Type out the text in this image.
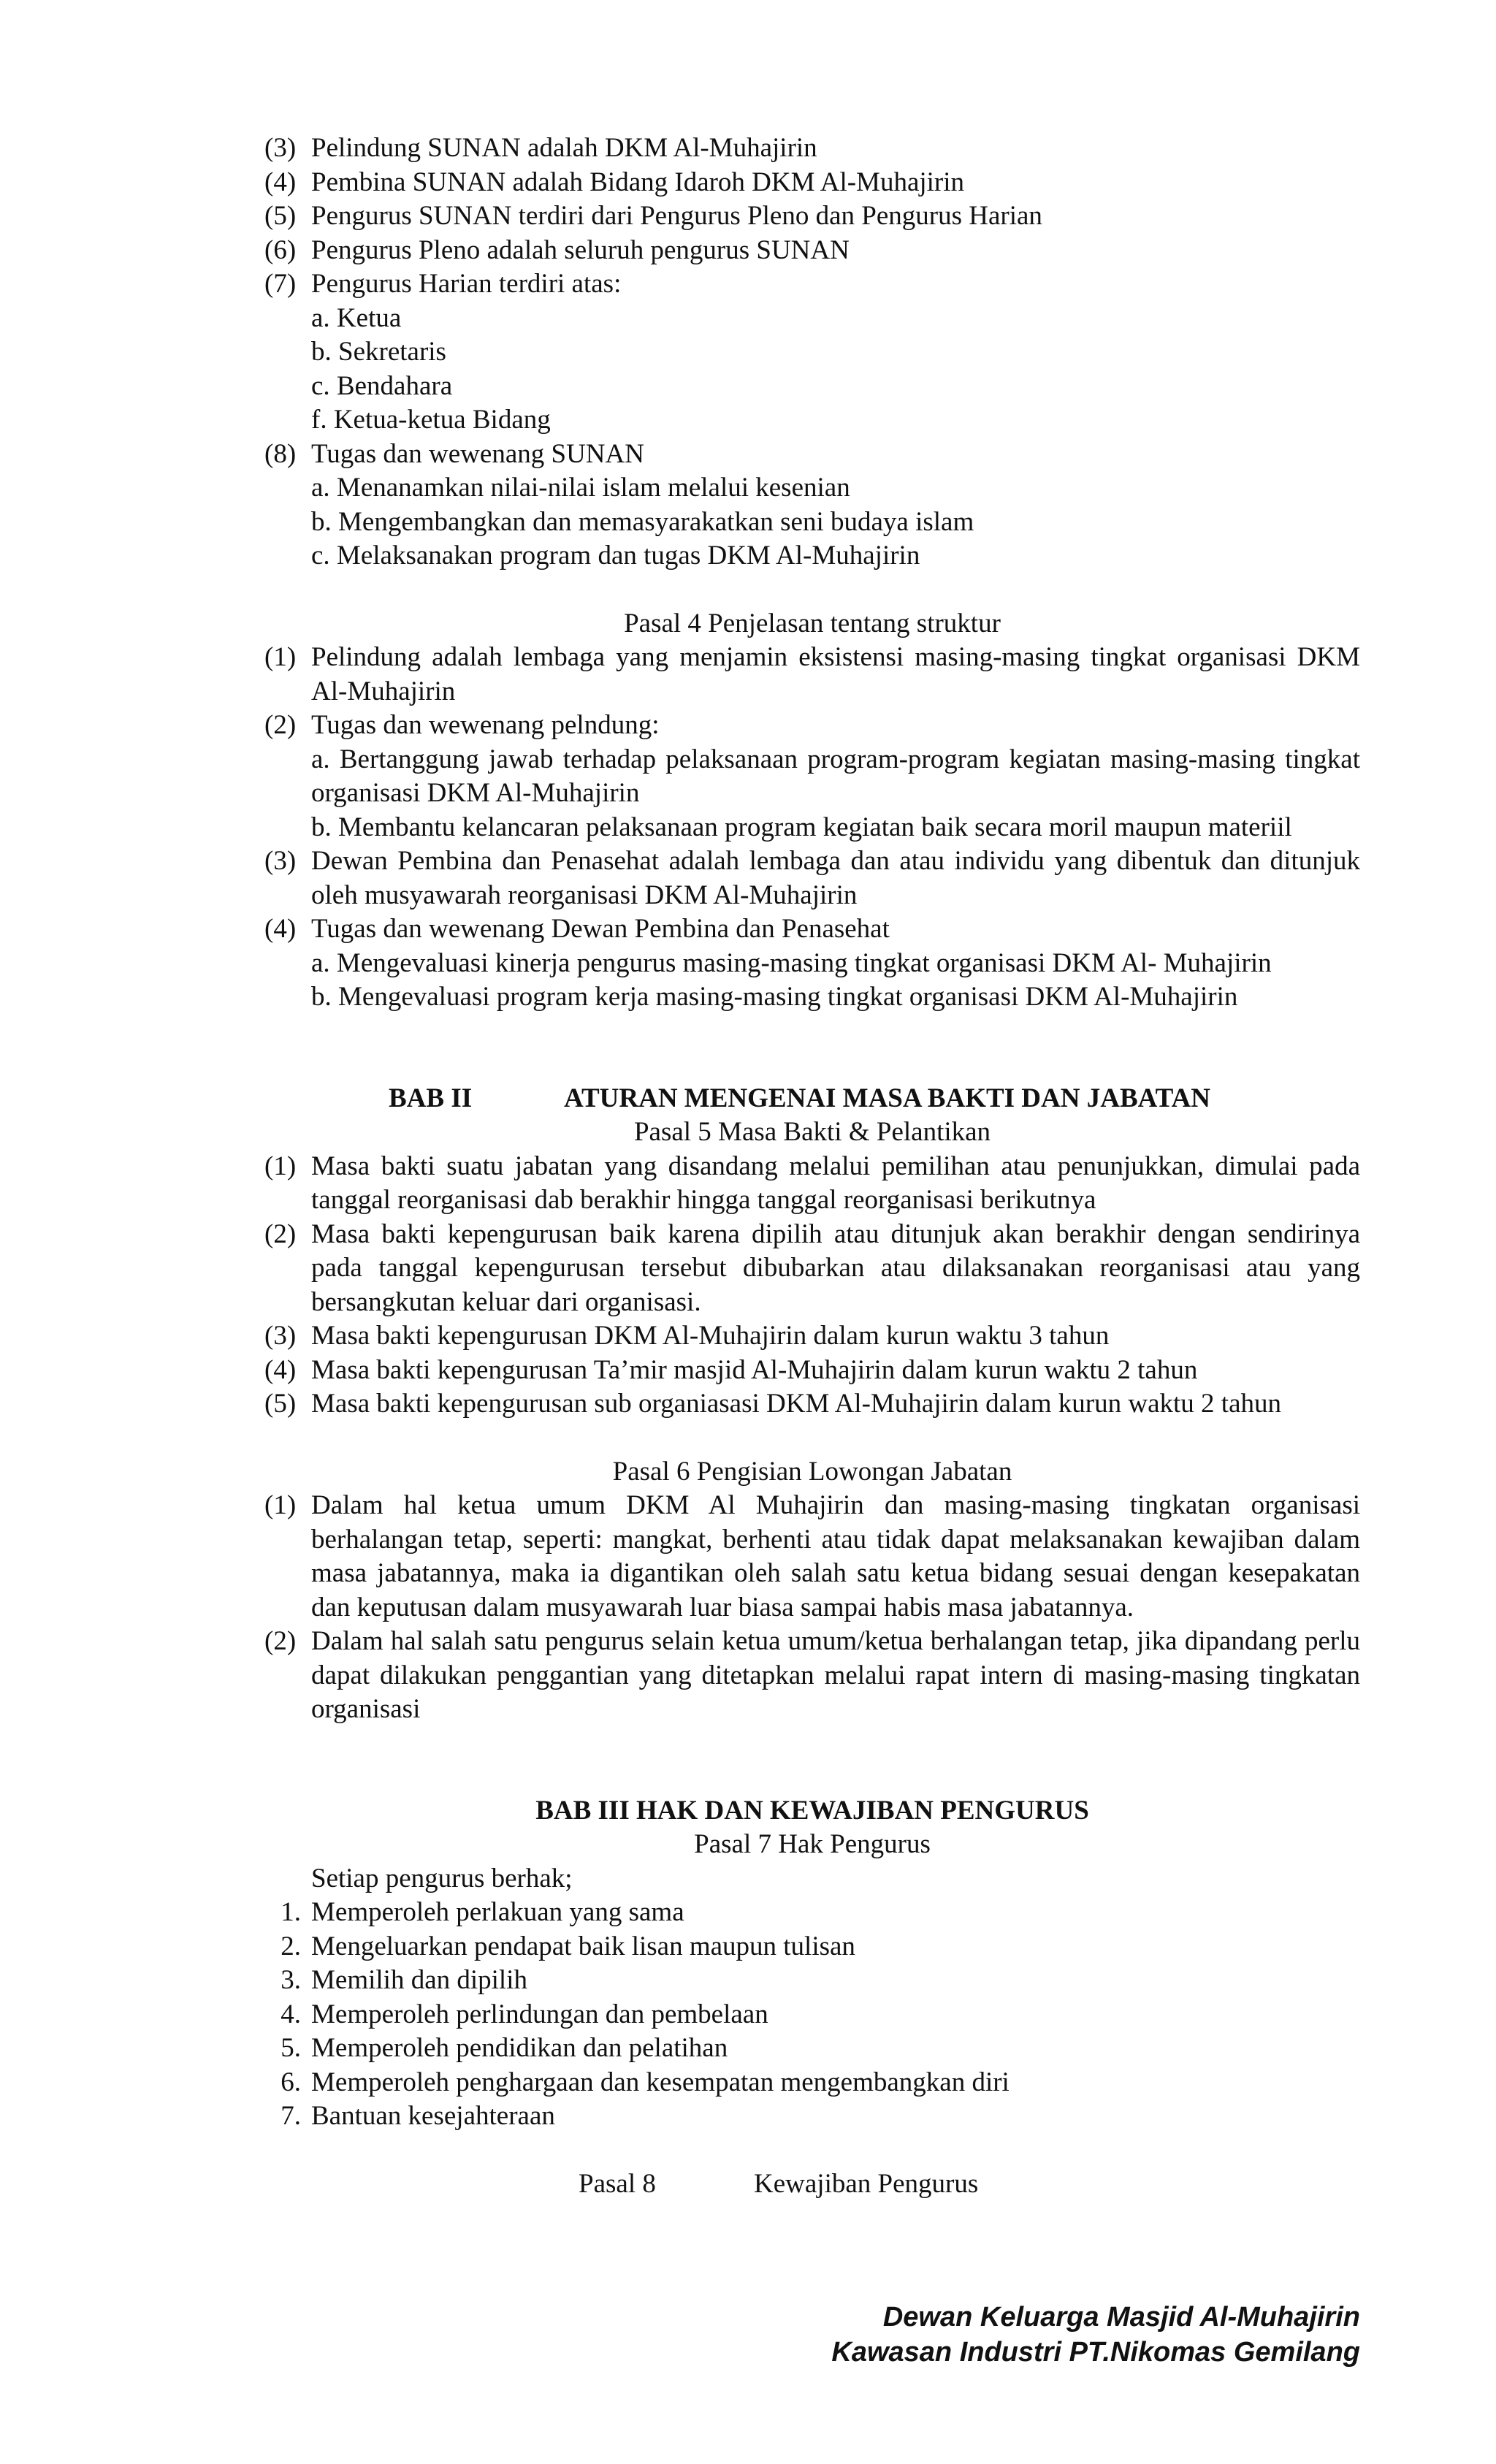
(3) Pelindung SUNAN adalah DKM Al-Muhajirin
(4) Pembina SUNAN adalah Bidang Idaroh DKM Al-Muhajirin
(5) Pengurus SUNAN terdiri dari Pengurus Pleno dan Pengurus Harian
(6) Pengurus Pleno adalah seluruh pengurus SUNAN
(7) Pengurus Harian terdiri atas:
a. Ketua
b. Sekretaris
c. Bendahara
f. Ketua-ketua Bidang
(8) Tugas dan wewenang SUNAN
a. Menanamkan nilai-nilai islam melalui kesenian
b. Mengembangkan dan memasyarakatkan seni budaya islam
c. Melaksanakan program dan tugas DKM Al-Muhajirin
Pasal 4 Penjelasan tentang struktur
(1) Pelindung adalah lembaga yang menjamin eksistensi masing-masing tingkat organisasi DKM Al-Muhajirin
(2) Tugas dan wewenang pelndung:
a. Bertanggung jawab terhadap pelaksanaan program-program kegiatan masing-masing tingkat organisasi DKM Al-Muhajirin
b. Membantu kelancaran pelaksanaan program kegiatan baik secara moril maupun materiil
(3) Dewan Pembina dan Penasehat adalah lembaga dan atau individu yang dibentuk dan ditunjuk oleh musyawarah reorganisasi DKM Al-Muhajirin
(4) Tugas dan wewenang Dewan Pembina dan Penasehat
a. Mengevaluasi kinerja pengurus masing-masing tingkat organisasi DKM Al- Muhajirin
b. Mengevaluasi program kerja masing-masing tingkat organisasi DKM Al-Muhajirin
BAB II	ATURAN MENGENAI MASA BAKTI DAN JABATAN
Pasal 5 Masa Bakti & Pelantikan
(1) Masa bakti suatu jabatan yang disandang melalui pemilihan atau penunjukkan, dimulai pada tanggal reorganisasi dab berakhir hingga tanggal reorganisasi berikutnya
(2) Masa bakti kepengurusan baik karena dipilih atau ditunjuk akan berakhir dengan sendirinya pada tanggal kepengurusan tersebut dibubarkan atau dilaksanakan reorganisasi atau yang bersangkutan keluar dari organisasi.
(3) Masa bakti kepengurusan DKM Al-Muhajirin dalam kurun waktu 3 tahun
(4) Masa bakti kepengurusan Ta’mir masjid Al-Muhajirin dalam kurun waktu 2 tahun
(5) Masa bakti kepengurusan sub organiasasi DKM Al-Muhajirin dalam kurun waktu 2 tahun
Pasal 6 Pengisian Lowongan Jabatan
(1) Dalam hal ketua umum DKM Al Muhajirin dan masing-masing tingkatan organisasi berhalangan tetap, seperti: mangkat, berhenti atau tidak dapat melaksanakan kewajiban dalam masa jabatannya, maka ia digantikan oleh salah satu ketua bidang sesuai dengan kesepakatan dan keputusan dalam musyawarah luar biasa sampai habis masa jabatannya.
(2) Dalam hal salah satu pengurus selain ketua umum/ketua berhalangan tetap, jika dipandang perlu dapat dilakukan penggantian yang ditetapkan melalui rapat intern di masing-masing tingkatan organisasi
BAB III HAK DAN KEWAJIBAN PENGURUS
Pasal 7 Hak Pengurus
Setiap pengurus berhak;
1. Memperoleh perlakuan yang sama
2. Mengeluarkan pendapat baik lisan maupun tulisan
3. Memilih dan dipilih
4. Memperoleh perlindungan dan pembelaan
5. Memperoleh pendidikan dan pelatihan
6. Memperoleh penghargaan dan kesempatan mengembangkan diri
7. Bantuan kesejahteraan
Pasal 8	Kewajiban Pengurus
Dewan Keluarga Masjid Al-Muhajirin
Kawasan Industri PT.Nikomas Gemilang
